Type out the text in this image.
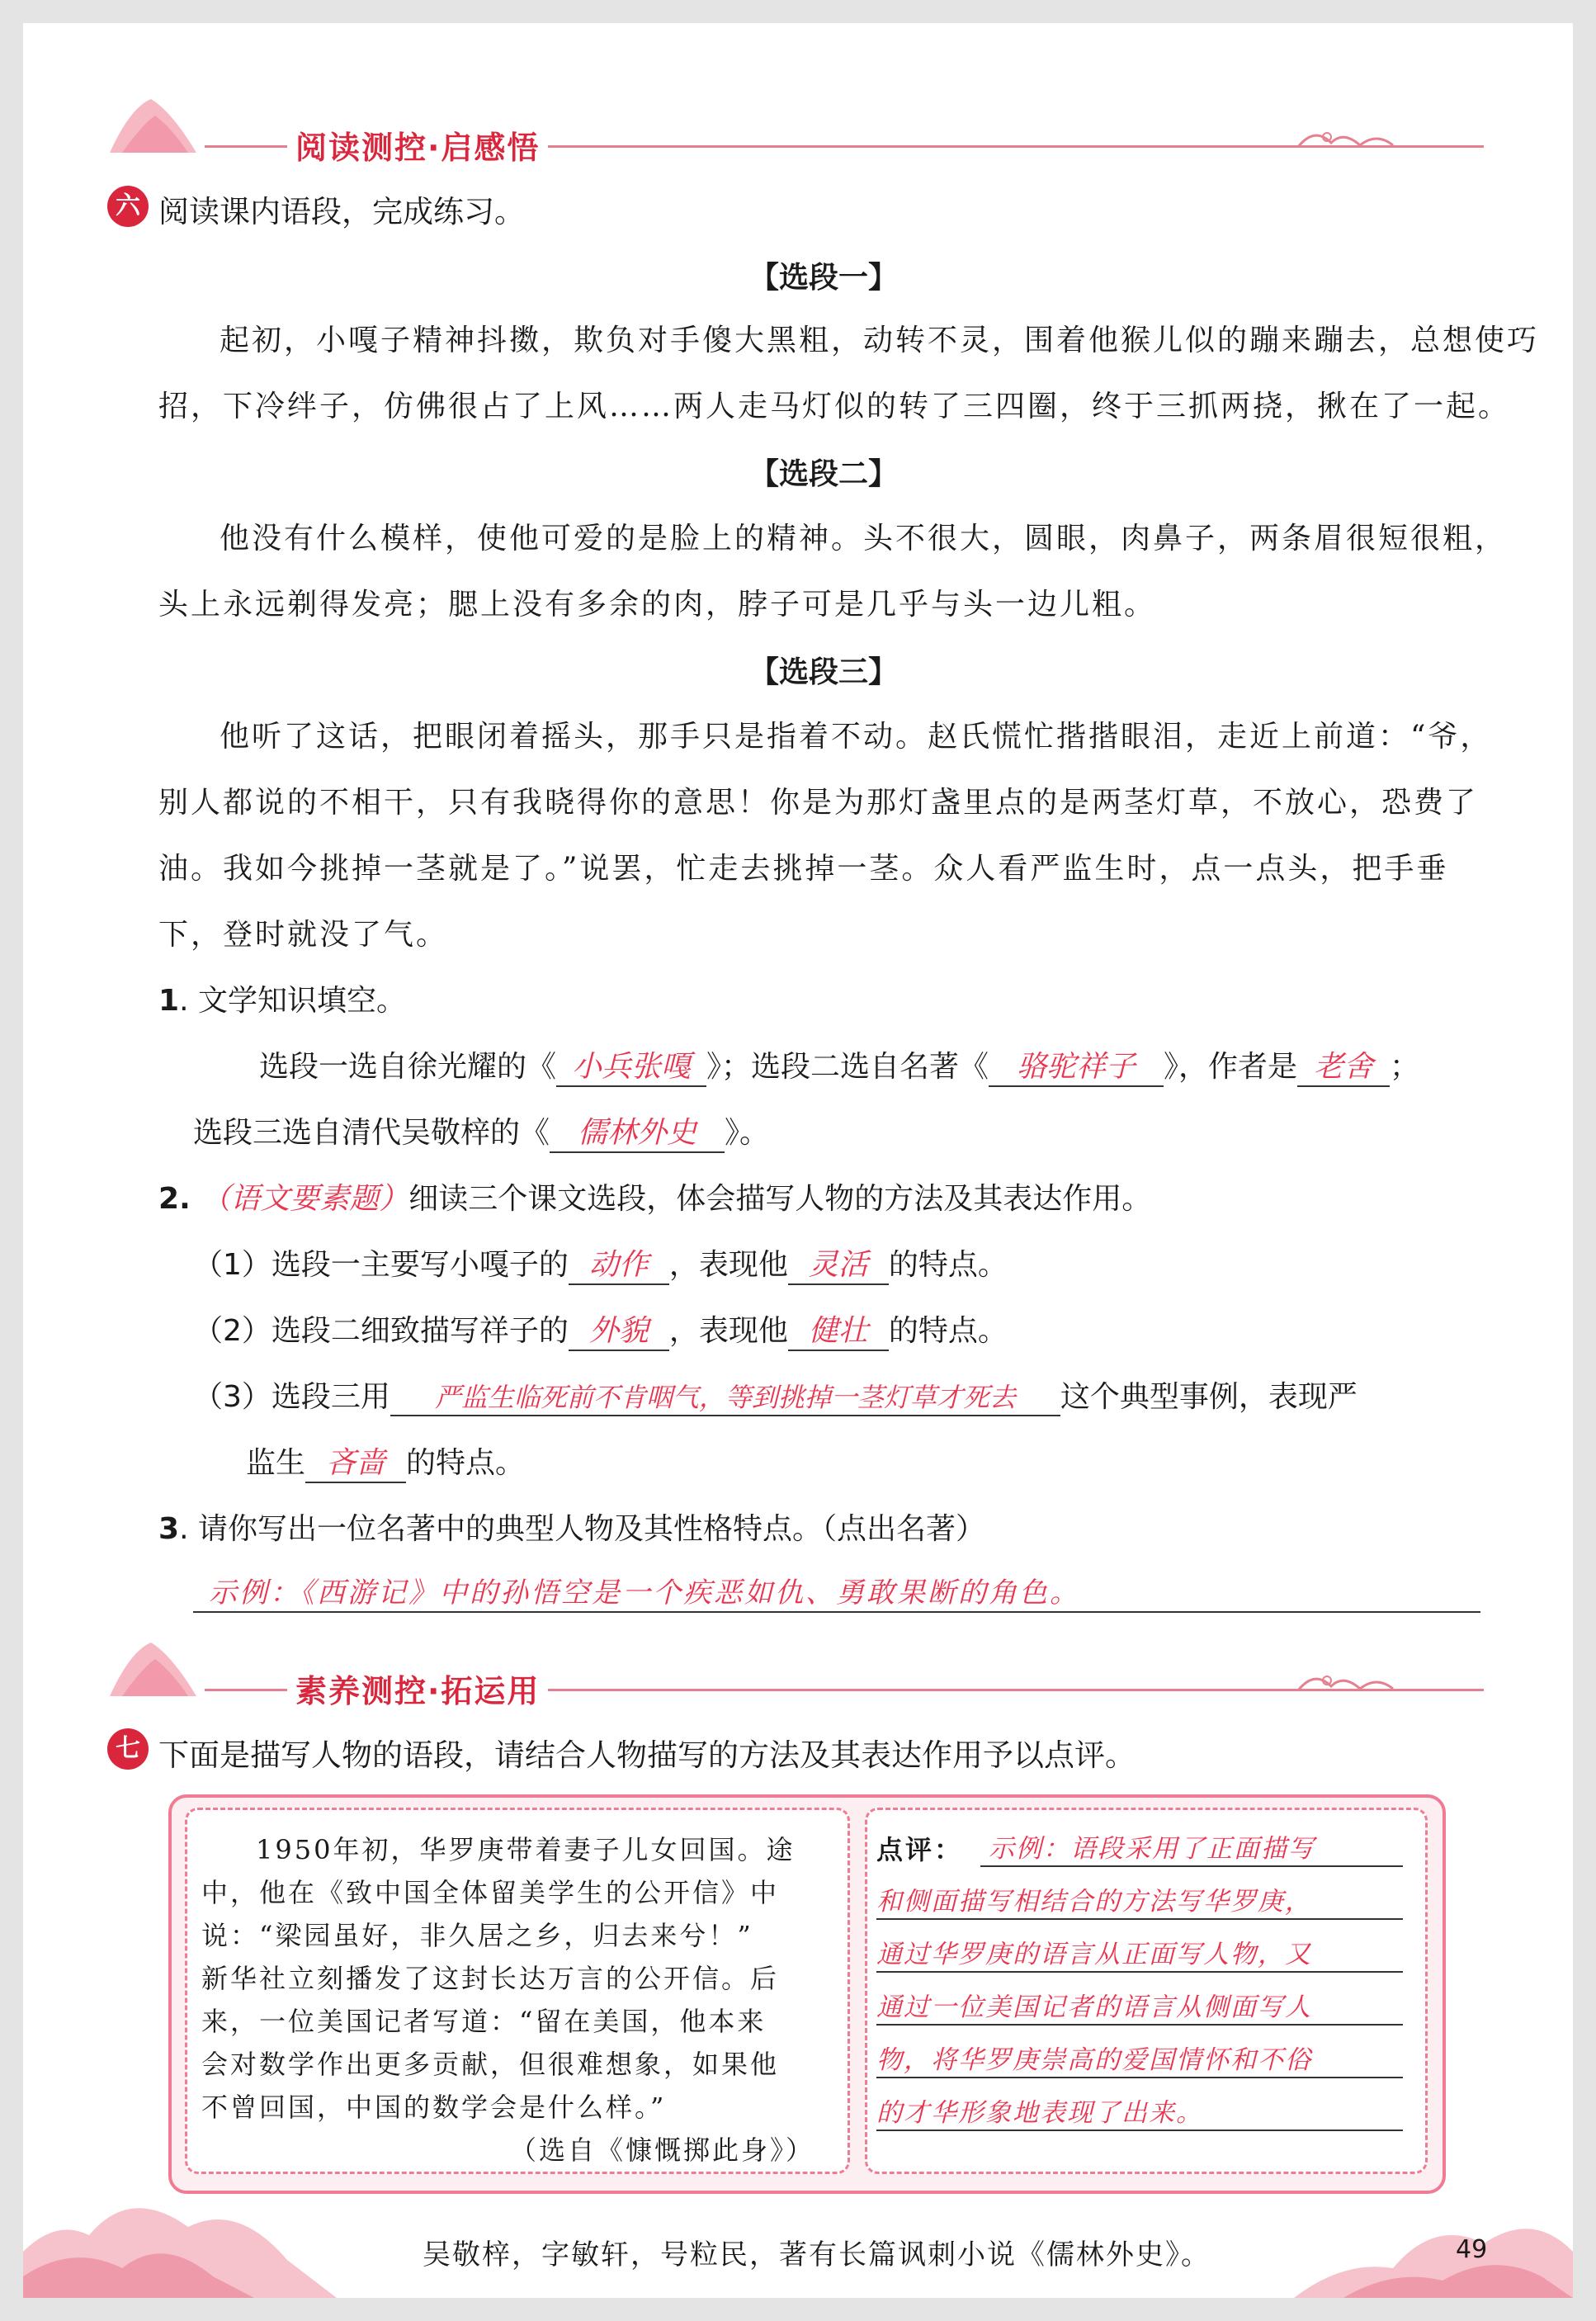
阅读测控·启感悟
六 阅读课内语段，完成练习。
【选段一】
起初，小嘎子精神抖擞，欺负对手傻大黑粗，动转不灵，围着他猴儿似的蹦来蹦去，总想使巧
招，下冷绊子，仿佛很占了上风……两人走马灯似的转了三四圈，终于三抓两挠，揪在了一起。
【选段二】
他没有什么模样，使他可爱的是脸上的精神。头不很大，圆眼，肉鼻子，两条眉很短很粗，
头上永远剃得发亮；腮上没有多余的肉，脖子可是几乎与头一边儿粗。
【选段三】
他听了这话，把眼闭着摇头，那手只是指着不动。赵氏慌忙揩揩眼泪，走近上前道：“爷，
别人都说的不相干，只有我晓得你的意思！你是为那灯盏里点的是两茎灯草，不放心，恐费了
油。我如今挑掉一茎就是了。”说罢，忙走去挑掉一茎。众人看严监生时，点一点头，把手垂
下，登时就没了气。
1. 文学知识填空。
选段一选自徐光耀的《 小兵张嘎 》；选段二选自名著《 骆驼祥子 》，作者是 老舍 ；
选段三选自清代吴敬梓的《 儒林外史 》。
2. （语文要素题）细读三个课文选段，体会描写人物的方法及其表达作用。
（1）选段一主要写小嘎子的 动作 ，表现他 灵活 的特点。
（2）选段二细致描写祥子的 外貌 ，表现他 健壮 的特点。
（3）选段三用 严监生临死前不肯咽气，等到挑掉一茎灯草才死去 这个典型事例，表现严
监生 吝啬 的特点。
3. 请你写出一位名著中的典型人物及其性格特点。（点出名著）
示例：《西游记》中的孙悟空是一个疾恶如仇、勇敢果断的角色。
素养测控·拓运用
七 下面是描写人物的语段，请结合人物描写的方法及其表达作用予以点评。
1950年初，华罗庚带着妻子儿女回国。途
中，他在《致中国全体留美学生的公开信》中
说：“梁园虽好，非久居之乡，归去来兮！”
新华社立刻播发了这封长达万言的公开信。后
来，一位美国记者写道：“留在美国，他本来
会对数学作出更多贡献，但很难想象，如果他
不曾回国，中国的数学会是什么样。”
（选自《慷慨掷此身》）
点评： 示例：语段采用了正面描写
和侧面描写相结合的方法写华罗庚，
通过华罗庚的语言从正面写人物，又
通过一位美国记者的语言从侧面写人
物，将华罗庚崇高的爱国情怀和不俗
的才华形象地表现了出来。
吴敬梓，字敏轩，号粒民，著有长篇讽刺小说《儒林外史》。	49
